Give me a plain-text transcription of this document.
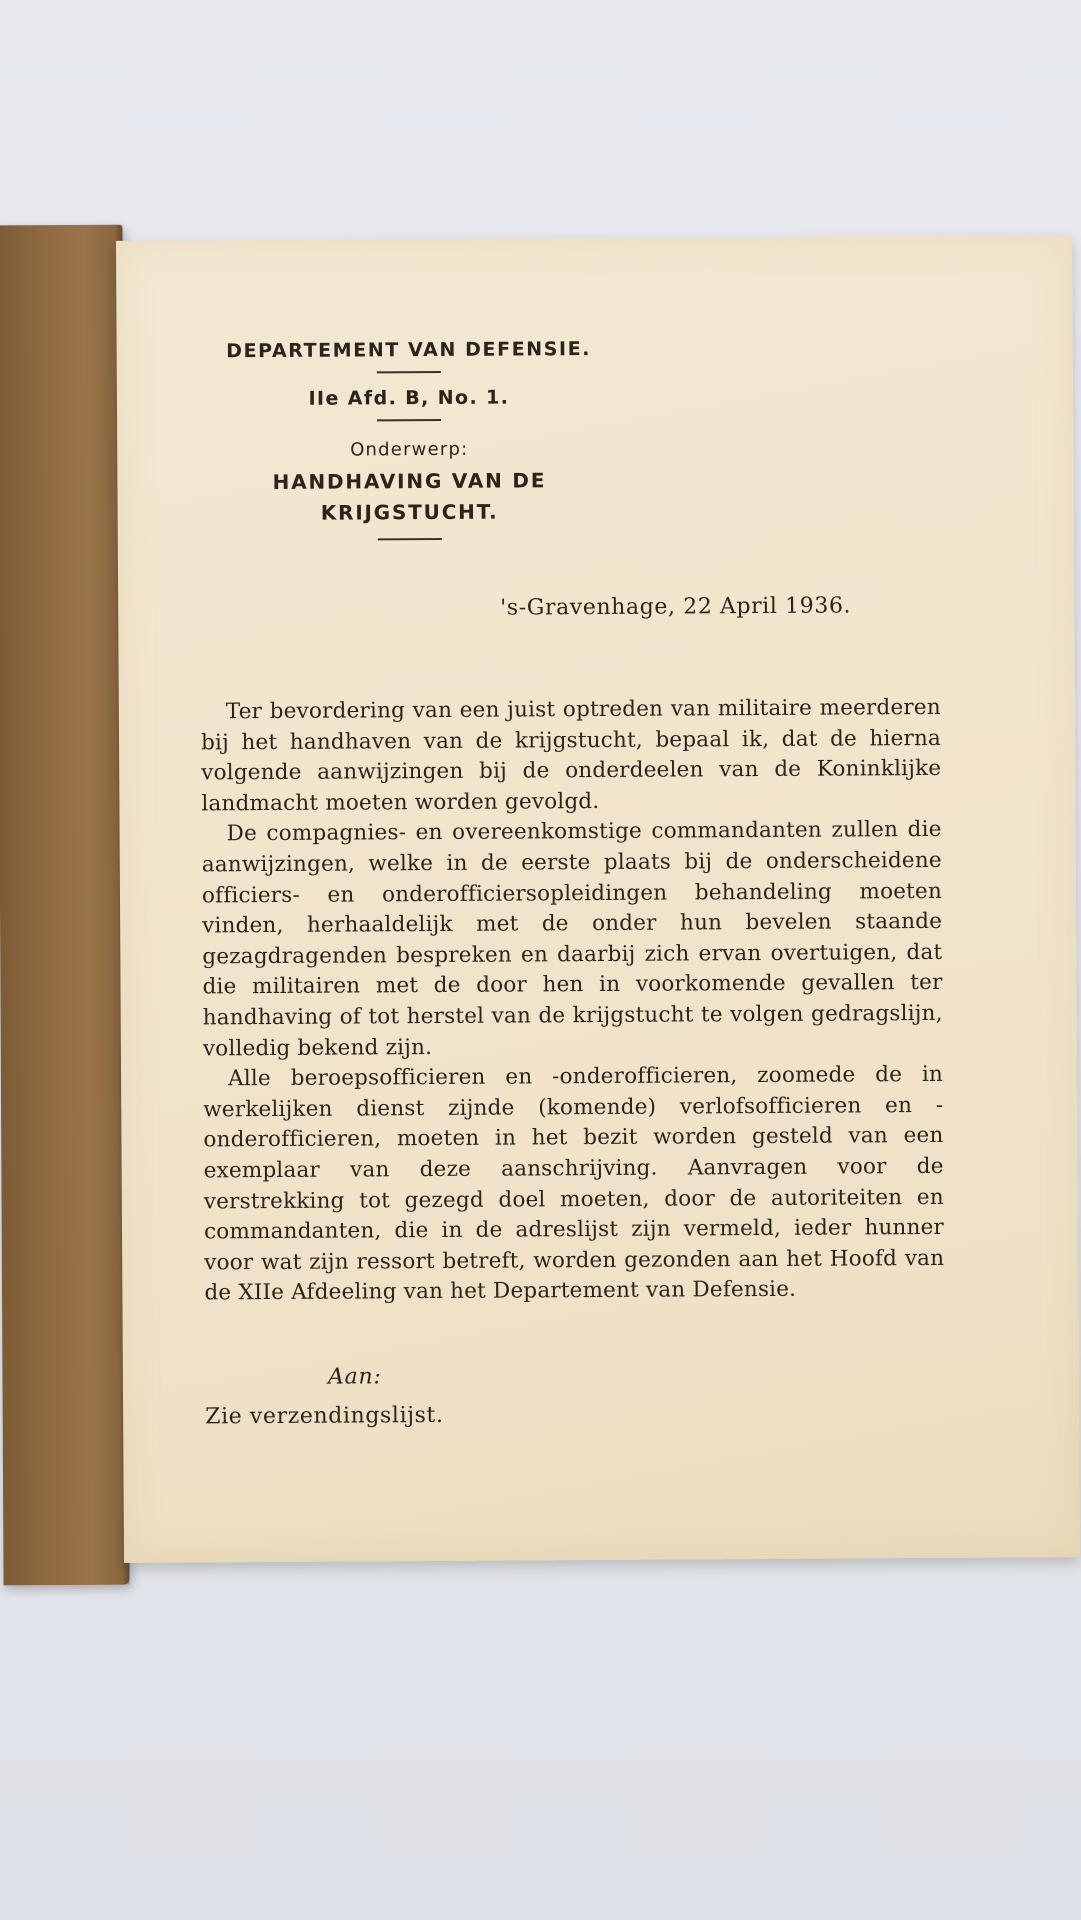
DEPARTEMENT VAN DEFENSIE.
IIe Afd. B, No. 1.
Onderwerp:
HANDHAVING VAN DE
KRIJGSTUCHT.
's-Gravenhage, 22 April 1936.

Ter bevordering van een juist optreden van militaire meerderen bij het handhaven van de krijgstucht, bepaal ik, dat de hierna volgende aanwijzingen bij de onderdeelen van de Koninklijke landmacht moeten worden gevolgd.

De compagnies- en overeenkomstige commandanten zullen die aanwijzingen, welke in de eerste plaats bij de onderscheidene officiers- en onderofficiersopleidingen behandeling moeten vinden, herhaaldelijk met de onder hun bevelen staande gezagdragenden bespreken en daarbij zich ervan overtuigen, dat die militairen met de door hen in voorkomende gevallen ter handhaving of tot herstel van de krijgstucht te volgen gedragslijn, volledig bekend zijn.

Alle beroepsofficieren en -onderofficieren, zoomede de in werkelijken dienst zijnde (komende) verlofsofficieren en -onderofficieren, moeten in het bezit worden gesteld van een exemplaar van deze aanschrijving. Aanvragen voor de verstrekking tot gezegd doel moeten, door de autoriteiten en commandanten, die in de adreslijst zijn vermeld, ieder hunner voor wat zijn ressort betreft, worden gezonden aan het Hoofd van de XIIe Afdeeling van het Departement van Defensie.

Aan:
Zie verzendingslijst.
